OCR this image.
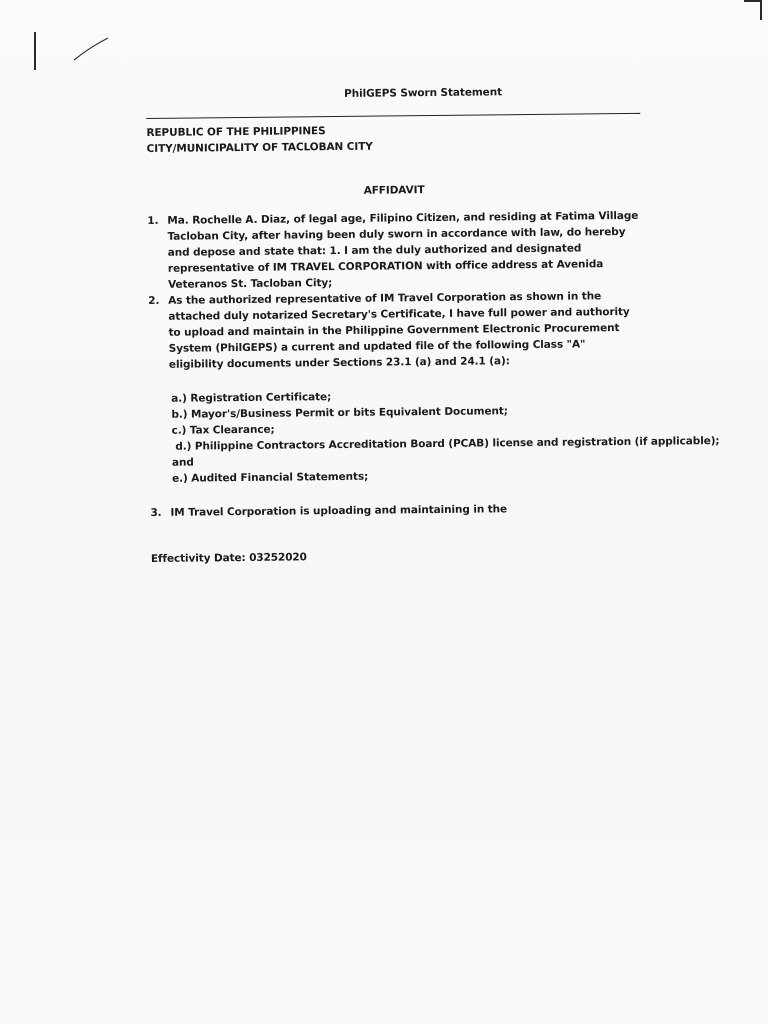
PhilGEPS Sworn Statement
REPUBLIC OF THE PHILIPPINES
CITY/MUNICIPALITY OF TACLOBAN CITY
AFFIDAVIT
1. Ma. Rochelle A. Diaz, of legal age, Filipino Citizen, and residing at Fatima Village Tacloban City, after having been duly sworn in accordance with law, do hereby and depose and state that: 1. I am the duly authorized and designated representative of IM TRAVEL CORPORATION with office address at Avenida Veteranos St. Tacloban City;
2. As the authorized representative of IM Travel Corporation as shown in the attached duly notarized Secretary's Certificate, I have full power and authority to upload and maintain in the Philippine Government Electronic Procurement System (PhilGEPS) a current and updated file of the following Class "A" eligibility documents under Sections 23.1 (a) and 24.1 (a):
a.) Registration Certificate;
b.) Mayor's/Business Permit or bits Equivalent Document;
c.) Tax Clearance;
d.) Philippine Contractors Accreditation Board (PCAB) license and registration (if applicable);
and
e.) Audited Financial Statements;
3. IM Travel Corporation is uploading and maintaining in the
Effectivity Date: 03252020
